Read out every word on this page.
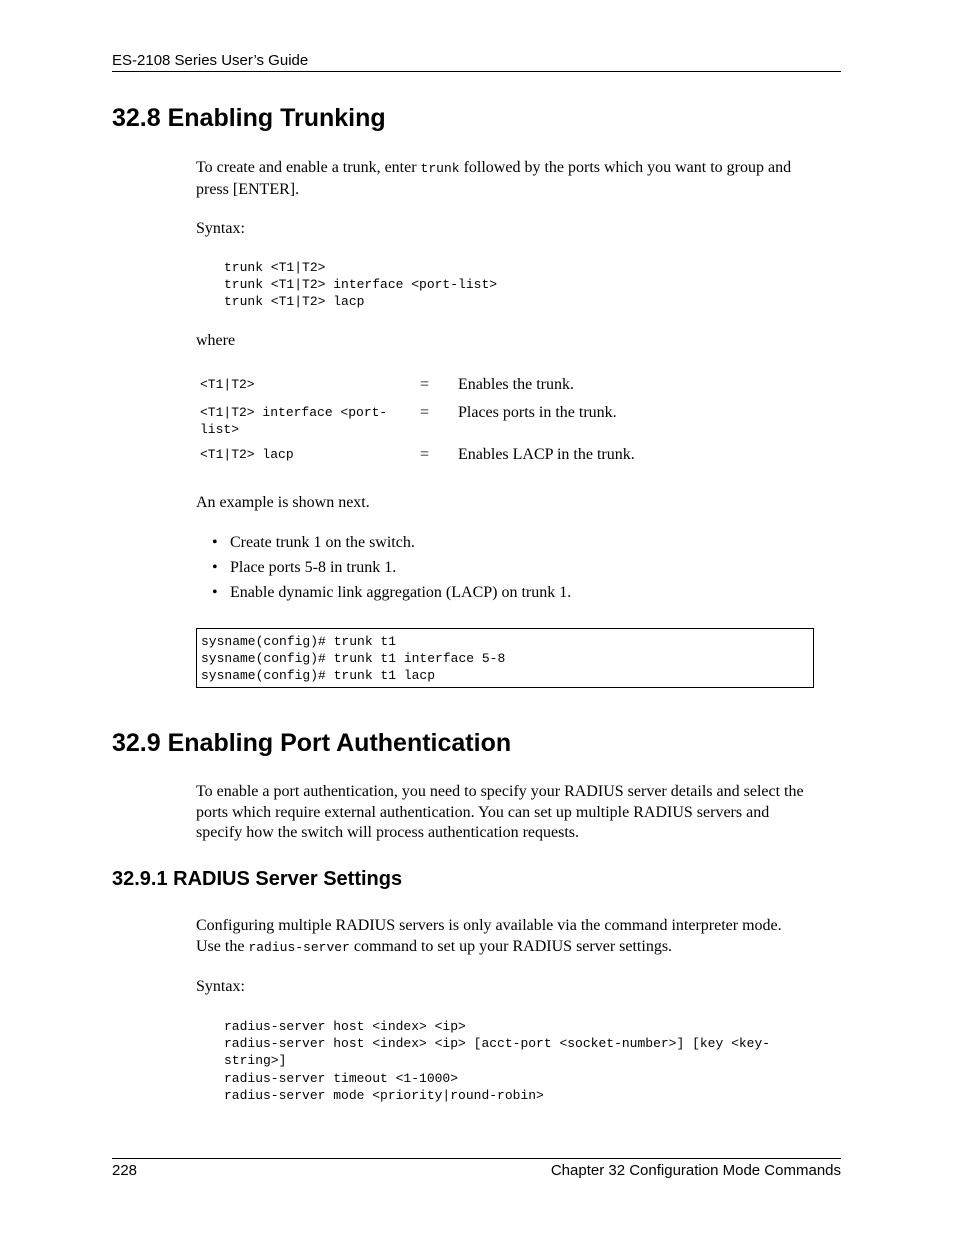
ES-2108 Series User’s Guide
32.8 Enabling Trunking
To create and enable a trunk, enter trunk followed by the ports which you want to group and
press [ENTER].
Syntax:
trunk <T1|T2>
trunk <T1|T2> interface <port-list>
trunk <T1|T2> lacp
where
<T1|T2>	= Enables the trunk.
<T1|T2> interface <port-
list>
= Places ports in the trunk.
<T1|T2> lacp	= Enables LACP in the trunk.
An example is shown next.
• Create trunk 1 on the switch.
• Place ports 5-8 in trunk 1.
• Enable dynamic link aggregation (LACP) on trunk 1.
sysname(config)# trunk t1
sysname(config)# trunk t1 interface 5-8
sysname(config)# trunk t1 lacp
32.9 Enabling Port Authentication
To enable a port authentication, you need to specify your RADIUS server details and select the
ports which require external authentication. You can set up multiple RADIUS servers and
specify how the switch will process authentication requests.
32.9.1 RADIUS Server Settings
Configuring multiple RADIUS servers is only available via the command interpreter mode.
Use the radius-server command to set up your RADIUS server settings.
Syntax:
radius-server host <index> <ip>
radius-server host <index> <ip> [acct-port <socket-number>] [key <key-
string>]
radius-server timeout <1-1000>
radius-server mode <priority|round-robin>
228	Chapter 32 Configuration Mode Commands
